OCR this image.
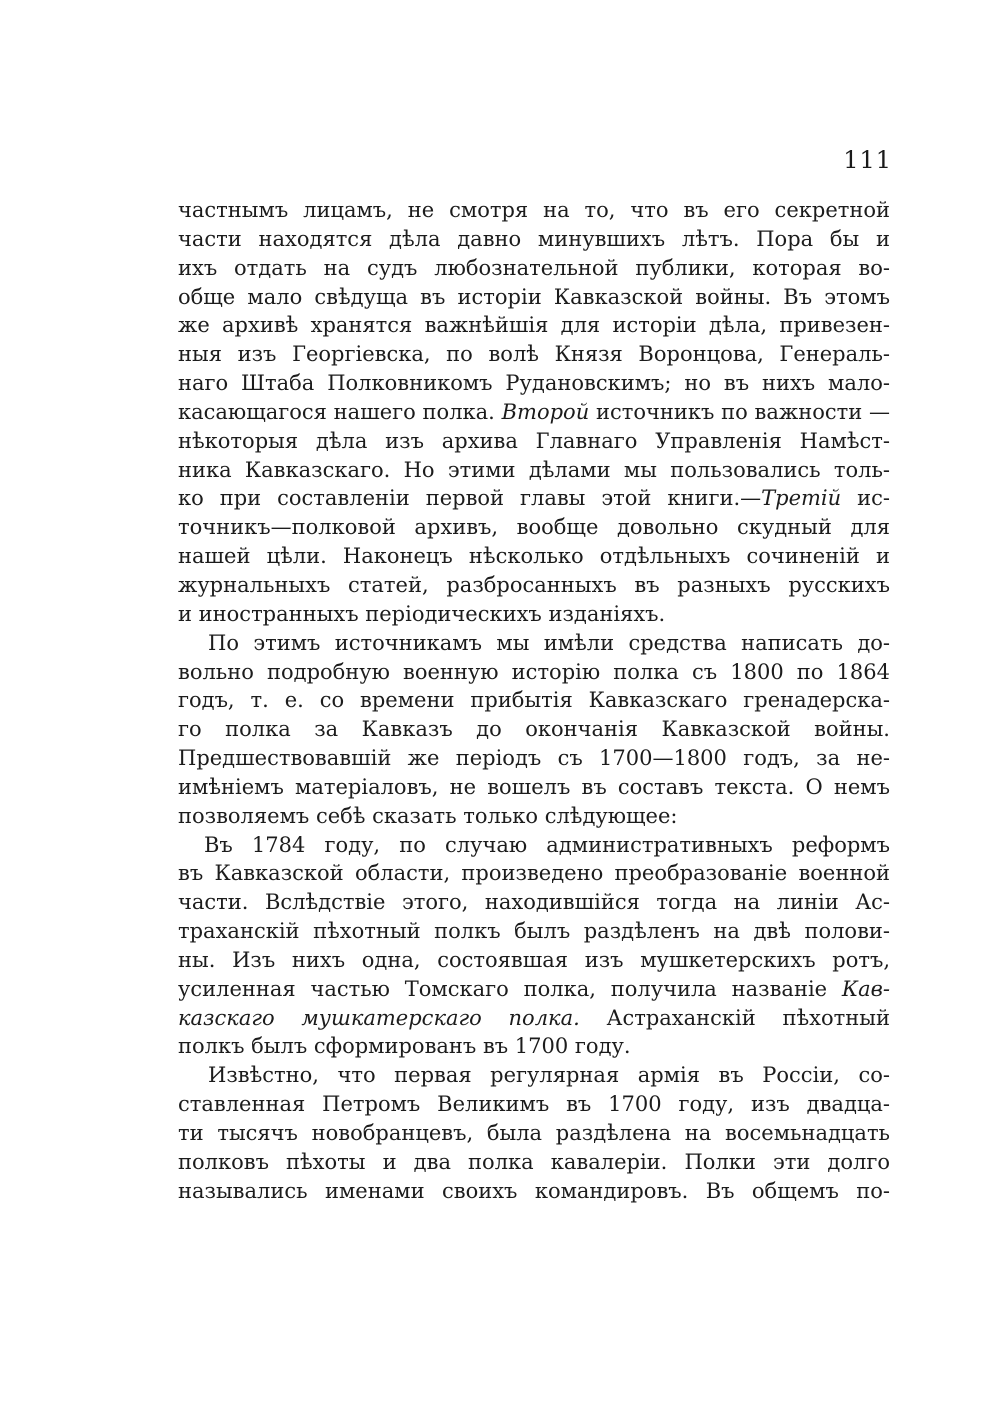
111
частнымъ лицамъ, не смотря на то, что въ его секретной
части находятся дѣла давно минувшихъ лѣтъ. Пора бы и
ихъ отдать на судъ любознательной публики, которая во-
обще мало свѣдуща въ исторіи Кавказской войны. Въ этомъ
же архивѣ хранятся важнѣйшія для исторіи дѣла, привезен-
ныя изъ Георгіевска, по волѣ Князя Воронцова, Генераль-
наго Штаба Полковникомъ Рудановскимъ; но въ нихъ мало-
касающагося нашего полка. Второй источникъ по важности —
нѣкоторыя дѣла изъ архива Главнаго Управленія Намѣст-
ника Кавказскаго. Но этими дѣлами мы пользовались толь-
ко при составленіи первой главы этой книги.—Третій ис-
точникъ—полковой архивъ, вообще довольно скудный для
нашей цѣли. Наконецъ нѣсколько отдѣльныхъ сочиненій и
журнальныхъ статей, разбросанныхъ въ разныхъ русскихъ
и иностранныхъ періодическихъ изданіяхъ.
По этимъ источникамъ мы имѣли средства написать до-
вольно подробную военную исторію полка съ 1800 по 1864
годъ, т. е. со времени прибытія Кавказскаго гренадерска-
го полка за Кавказъ до окончанія Кавказской войны.
Предшествовавшій же періодъ съ 1700—1800 годъ, за не-
имѣніемъ матеріаловъ, не вошелъ въ составъ текста. О немъ
позволяемъ себѣ сказать только слѣдующее:
Въ 1784 году, по случаю административныхъ реформъ
въ Кавказской области, произведено преобразованіе военной
части. Вслѣдствіе этого, находившійся тогда на линіи Ас-
траханскій пѣхотный полкъ былъ раздѣленъ на двѣ полови-
ны. Изъ нихъ одна, состоявшая изъ мушкетерскихъ ротъ,
усиленная частью Томскаго полка, получила названіе Кав-
казскаго мушкатерскаго полка. Астраханскій пѣхотный
полкъ былъ сформированъ въ 1700 году.
Извѣстно, что первая регулярная армія въ Россіи, со-
ставленная Петромъ Великимъ въ 1700 году, изъ двадца-
ти тысячъ новобранцевъ, была раздѣлена на восемьнадцать
полковъ пѣхоты и два полка кавалеріи. Полки эти долго
назывались именами своихъ командировъ. Въ общемъ по-
